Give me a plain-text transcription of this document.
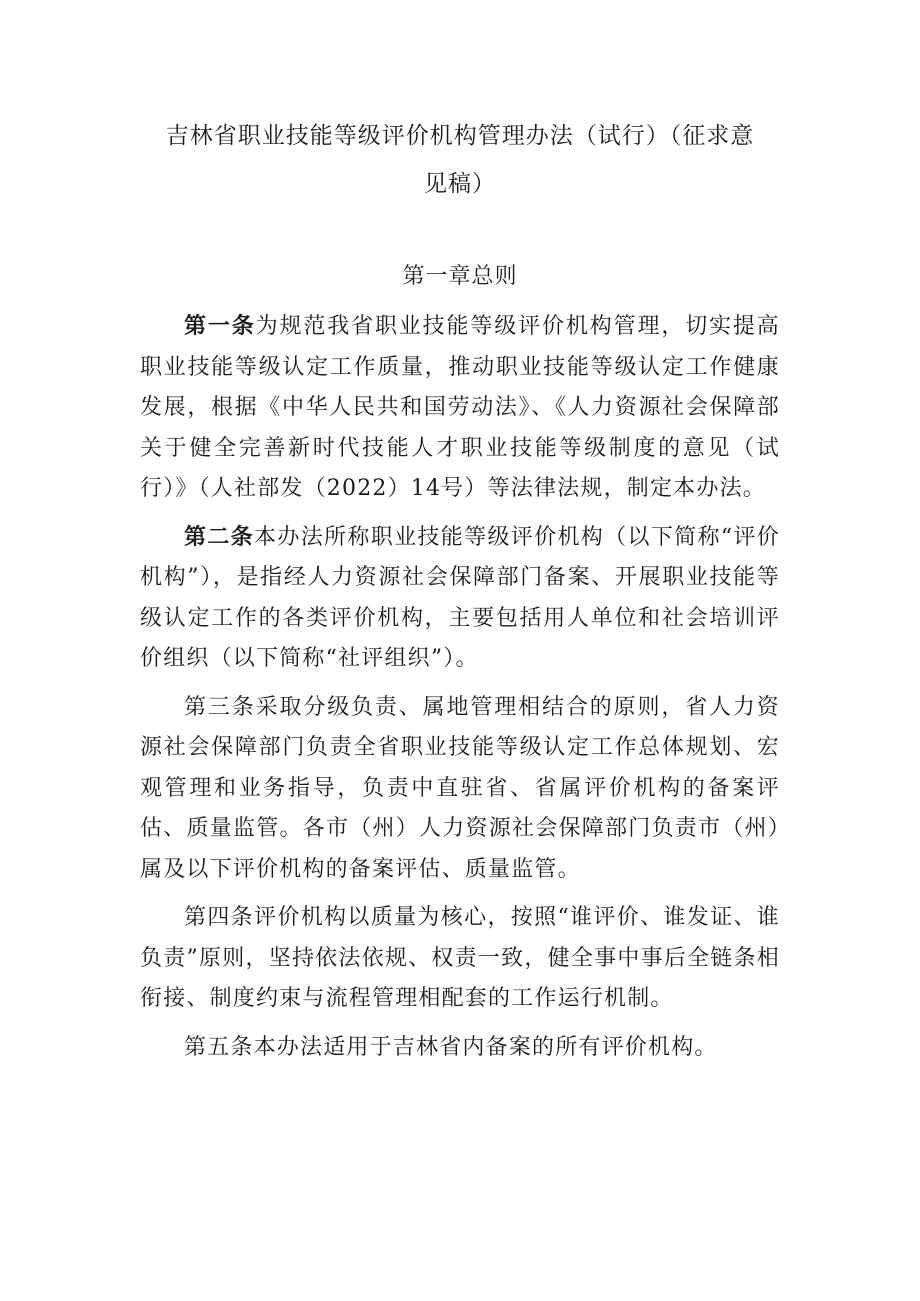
吉林省职业技能等级评价机构管理办法（试行）（征求意
见稿）
第一章总则

第一条为规范我省职业技能等级评价机构管理，切实提高职业技能等级认定工作质量，推动职业技能等级认定工作健康发展，根据《中华人民共和国劳动法》、《人力资源社会保障部关于健全完善新时代技能人才职业技能等级制度的意见（试行）》（人社部发（2022）14号）等法律法规，制定本办法。

第二条本办法所称职业技能等级评价机构（以下简称“评价机构”），是指经人力资源社会保障部门备案、开展职业技能等级认定工作的各类评价机构，主要包括用人单位和社会培训评价组织（以下简称“社评组织”）。

第三条采取分级负责、属地管理相结合的原则，省人力资源社会保障部门负责全省职业技能等级认定工作总体规划、宏观管理和业务指导，负责中直驻省、省属评价机构的备案评估、质量监管。各市（州）人力资源社会保障部门负责市（州）属及以下评价机构的备案评估、质量监管。

第四条评价机构以质量为核心，按照“谁评价、谁发证、谁负责”原则，坚持依法依规、权责一致，健全事中事后全链条相衔接、制度约束与流程管理相配套的工作运行机制。

第五条本办法适用于吉林省内备案的所有评价机构。
